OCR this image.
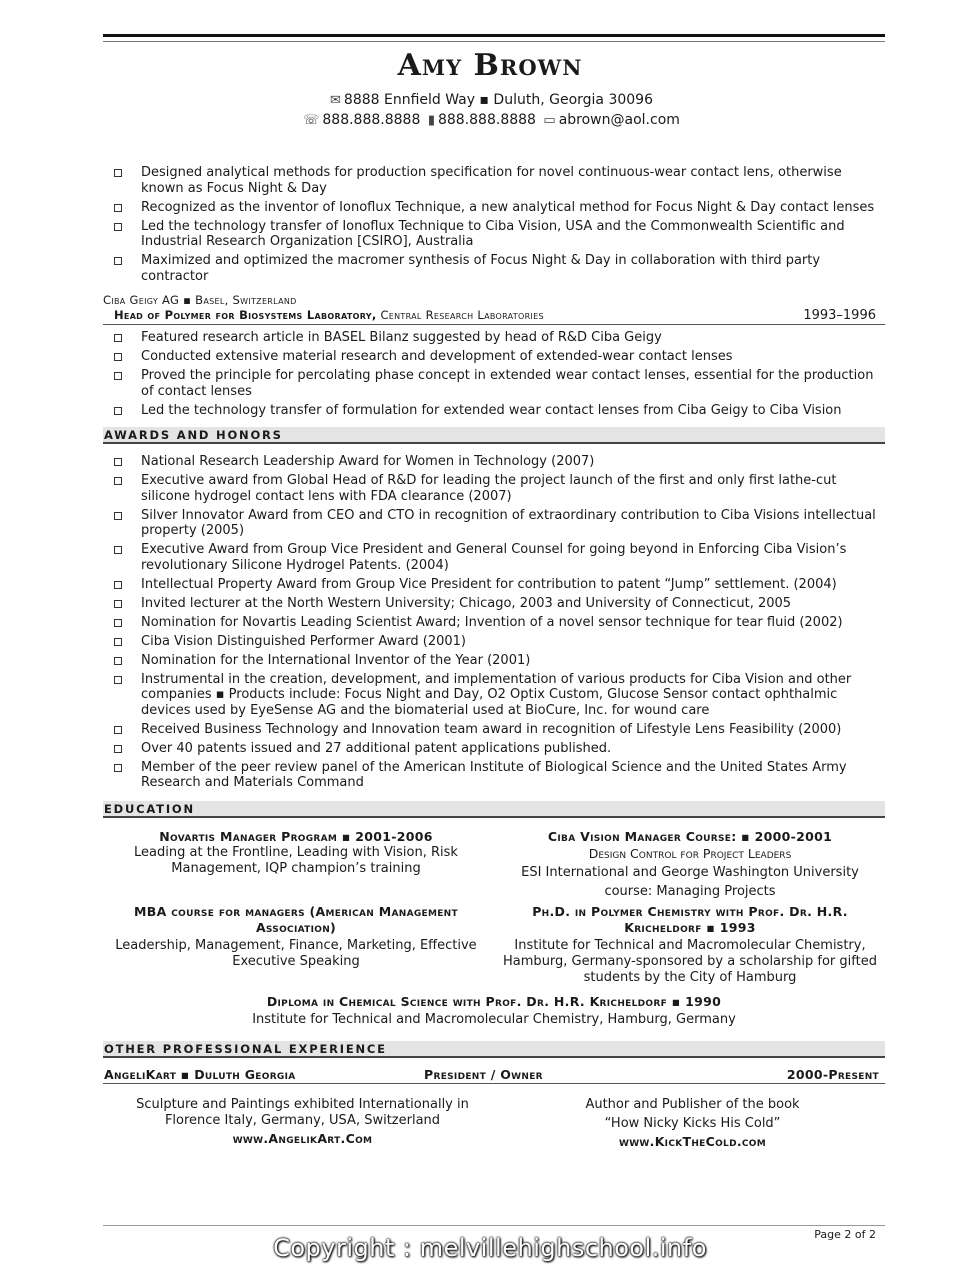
Amy Brown
✉ 8888 Ennfield Way ▪ Duluth, Georgia 30096
☏ 888.888.8888 ▮ 888.888.8888 ▭ abrown@aol.com
Designed analytical methods for production specification for novel continuous-wear contact lens, otherwise known as Focus Night & Day
Recognized as the inventor of Ionoflux Technique, a new analytical method for Focus Night & Day contact lenses
Led the technology transfer of Ionoflux Technique to Ciba Vision, USA and the Commonwealth Scientific and Industrial Research Organization [CSIRO], Australia
Maximized and optimized the macromer synthesis of Focus Night & Day in collaboration with third party contractor
Ciba Geigy AG ▪ Basel, Switzerland
Head of Polymer for Biosystems Laboratory, Central Research Laboratories	1993–1996
Featured research article in BASEL Bilanz suggested by head of R&D Ciba Geigy
Conducted extensive material research and development of extended-wear contact lenses
Proved the principle for percolating phase concept in extended wear contact lenses, essential for the production of contact lenses
Led the technology transfer of formulation for extended wear contact lenses from Ciba Geigy to Ciba Vision
AWARDS AND HONORS
National Research Leadership Award for Women in Technology (2007)
Executive award from Global Head of R&D for leading the project launch of the first and only first lathe-cut silicone hydrogel contact lens with FDA clearance (2007)
Silver Innovator Award from CEO and CTO in recognition of extraordinary contribution to Ciba Visions intellectual property (2005)
Executive Award from Group Vice President and General Counsel for going beyond in Enforcing Ciba Vision’s revolutionary Silicone Hydrogel Patents. (2004)
Intellectual Property Award from Group Vice President for contribution to patent “Jump” settlement. (2004)
Invited lecturer at the North Western University; Chicago, 2003 and University of Connecticut, 2005
Nomination for Novartis Leading Scientist Award; Invention of a novel sensor technique for tear fluid (2002)
Ciba Vision Distinguished Performer Award (2001)
Nomination for the International Inventor of the Year (2001)
Instrumental in the creation, development, and implementation of various products for Ciba Vision and other companies ▪ Products include: Focus Night and Day, O2 Optix Custom, Glucose Sensor contact ophthalmic devices used by EyeSense AG and the biomaterial used at BioCure, Inc. for wound care
Received Business Technology and Innovation team award in recognition of Lifestyle Lens Feasibility (2000)
Over 40 patents issued and 27 additional patent applications published.
Member of the peer review panel of the American Institute of Biological Science and the United States Army Research and Materials Command
EDUCATION
Novartis Manager Program ▪ 2001-2006
Leading at the Frontline, Leading with Vision, Risk Management, IQP champion’s training
Ciba Vision Manager Course: ▪ 2000-2001
Design Control for Project Leaders
ESI International and George Washington University course: Managing Projects
MBA course for managers (American Management Association)
Leadership, Management, Finance, Marketing, Effective Executive Speaking
Ph.D. in Polymer Chemistry with Prof. Dr. H.R. Kricheldorf ▪ 1993
Institute for Technical and Macromolecular Chemistry, Hamburg, Germany-sponsored by a scholarship for gifted students by the City of Hamburg
Diploma in Chemical Science with Prof. Dr. H.R. Kricheldorf ▪ 1990
Institute for Technical and Macromolecular Chemistry, Hamburg, Germany
OTHER PROFESSIONAL EXPERIENCE
AngeliKart ▪ Duluth Georgia	President / Owner	2000-Present
Sculpture and Paintings exhibited Internationally in Florence Italy, Germany, USA, Switzerland
www.AngelikArt.Com
Author and Publisher of the book
“How Nicky Kicks His Cold”
www.KickTheCold.com
Page 2 of 2
Copyright : melvillehighschool.info
